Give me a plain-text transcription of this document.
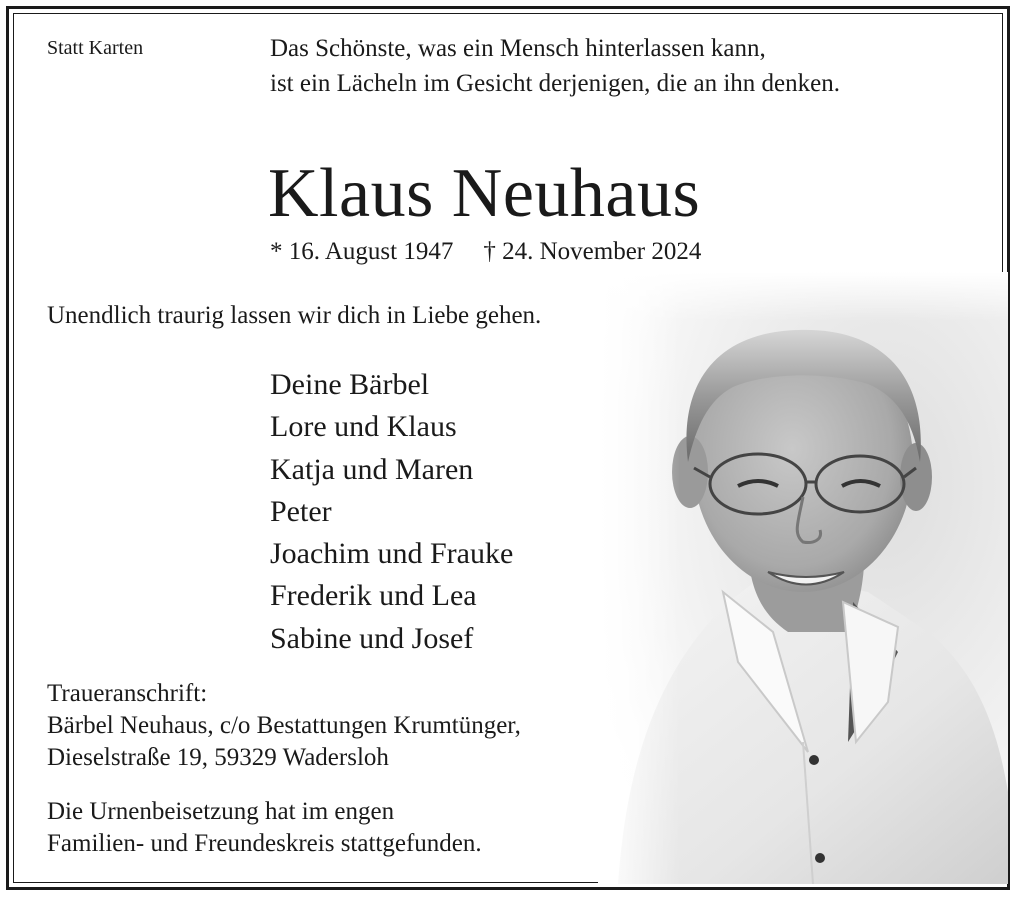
Statt Karten	Das Schönste, was ein Mensch hinterlassen kann,
ist ein Lächeln im Gesicht derjenigen, die an ihn denken.
Klaus Neuhaus
* 16. August 1947 † 24. November 2024
Unendlich traurig lassen wir dich in Liebe gehen.
Deine Bärbel
Lore und Klaus
Katja und Maren
Peter
Joachim und Frauke
Frederik und Lea
Sabine und Josef
Traueranschrift:
Bärbel Neuhaus, c/o Bestattungen Krumtünger,
Dieselstraße 19, 59329 Wadersloh
Die Urnenbeisetzung hat im engen
Familien- und Freundeskreis stattgefunden.
